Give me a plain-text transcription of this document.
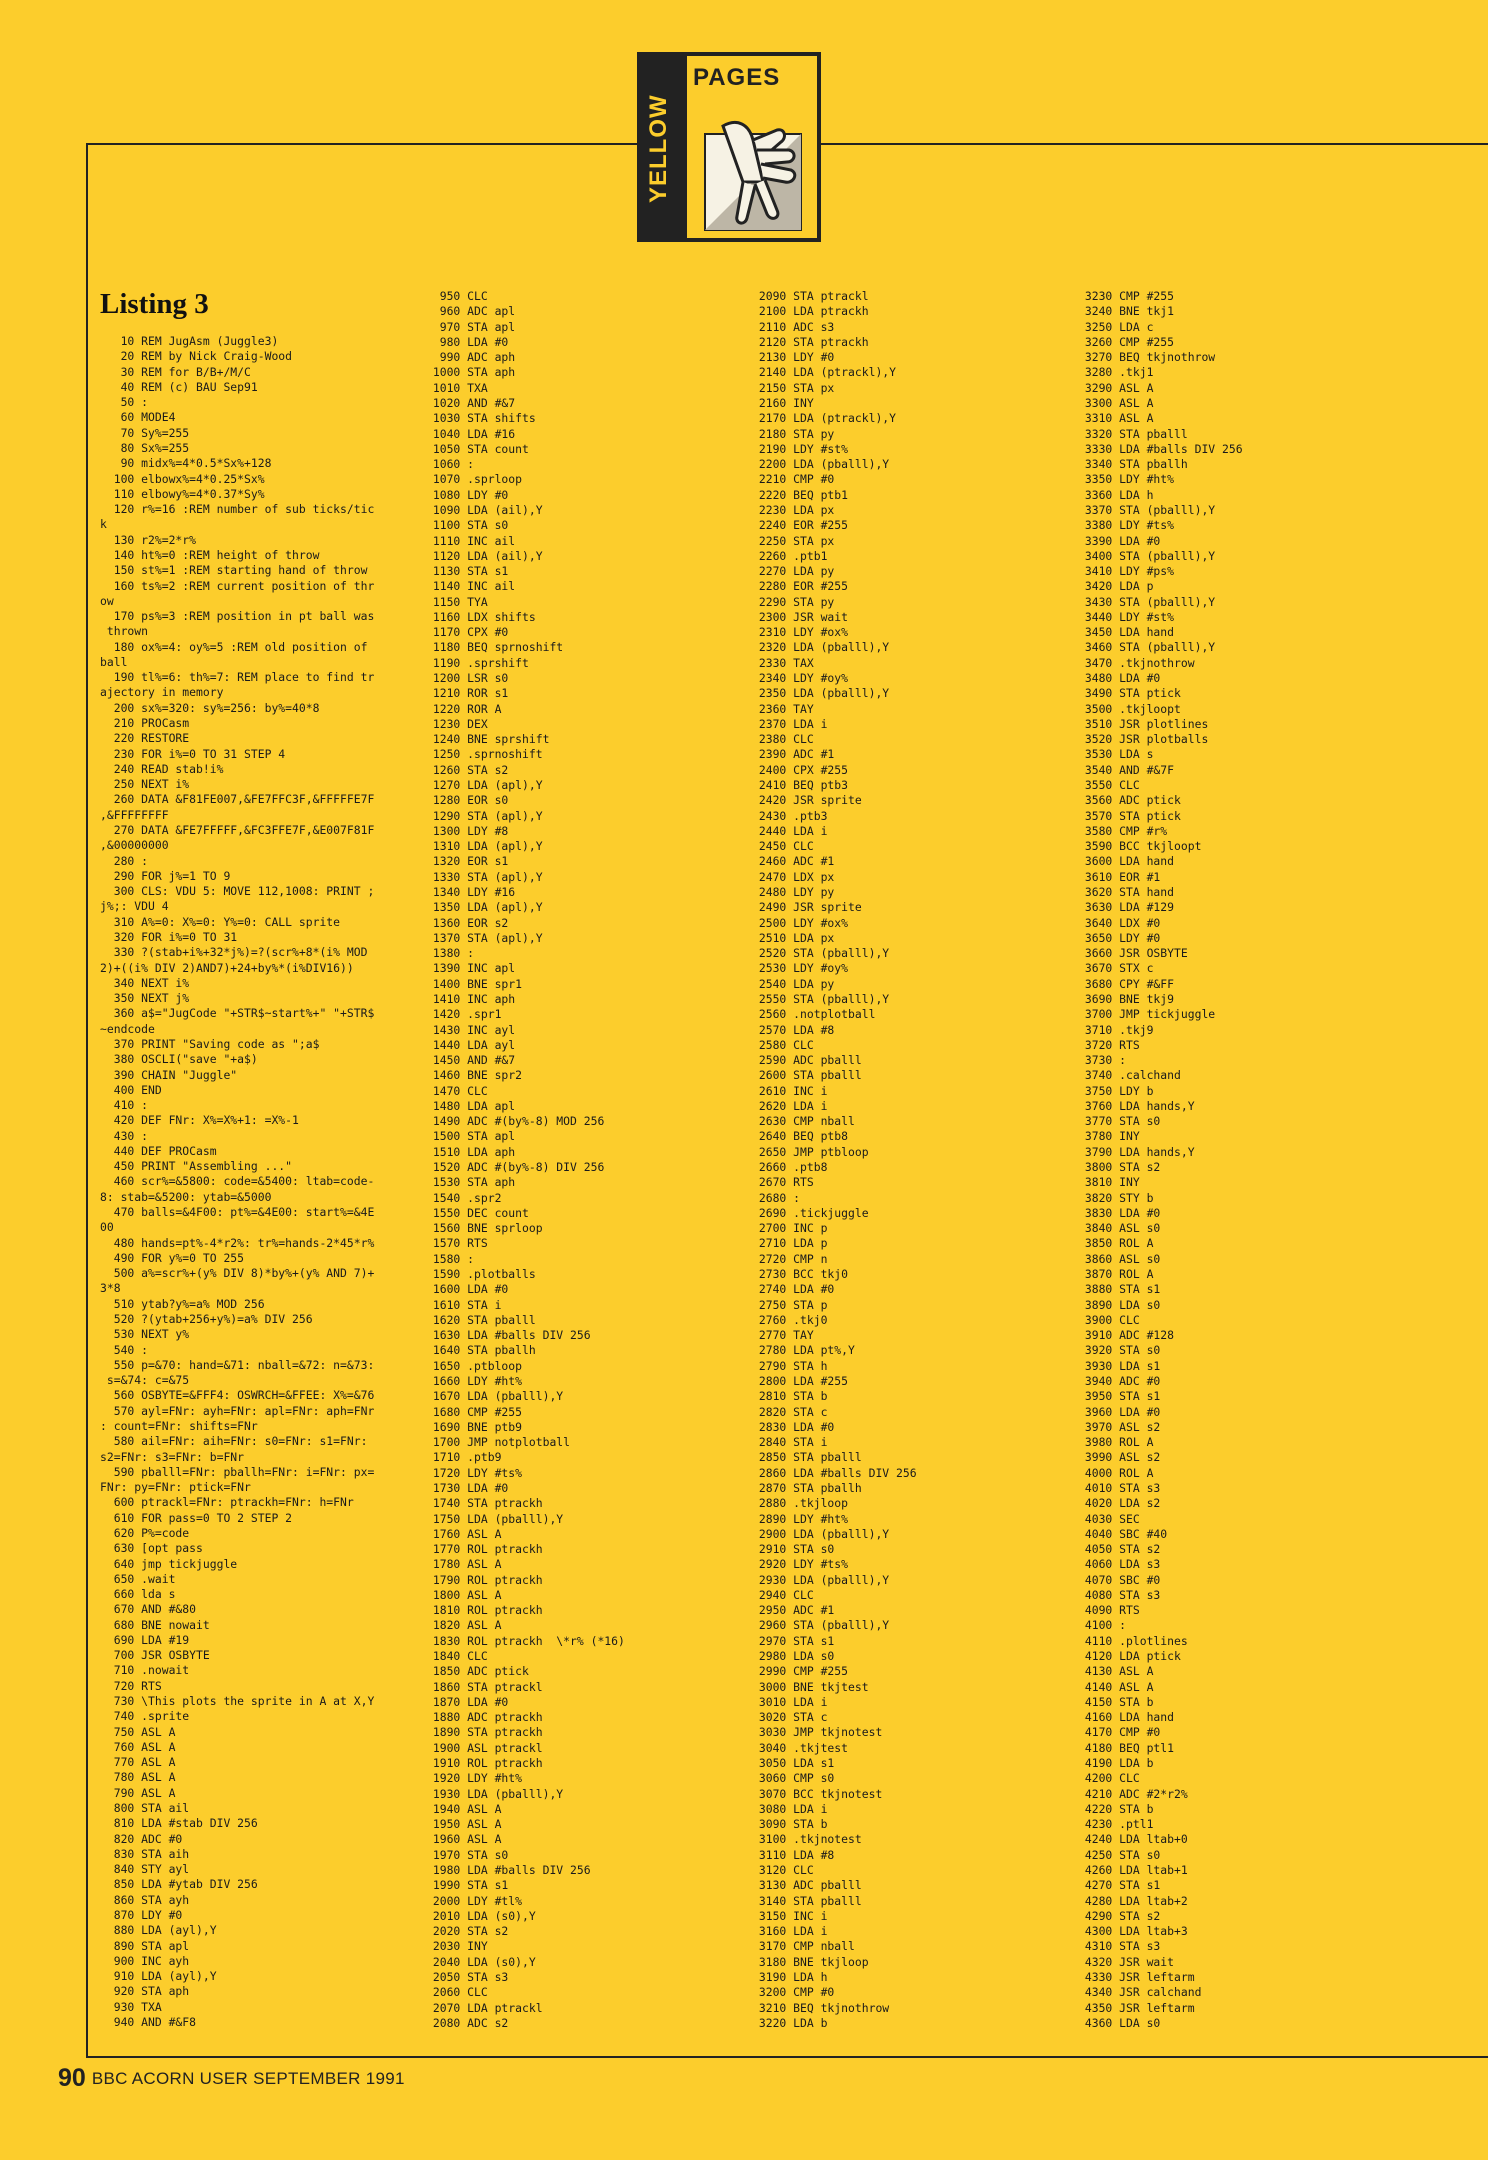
YELLOW
PAGES
Listing 3
10 REM JugAsm (Juggle3)
20 REM by Nick Craig-Wood
30 REM for B/B+/M/C
40 REM (c) BAU Sep91
50 :
60 MODE4
70 Sy%=255
80 Sx%=255
90 midx%=4*0.5*Sx%+128
100 elbowx%=4*0.25*Sx%
110 elbowy%=4*0.37*Sy%
120 r%=16 :REM number of sub ticks/tic
k
130 r2%=2*r%
140 ht%=0 :REM height of throw
150 st%=1 :REM starting hand of throw
160 ts%=2 :REM current position of thr
ow
170 ps%=3 :REM position in pt ball was
thrown
180 ox%=4: oy%=5 :REM old position of
ball
190 tl%=6: th%=7: REM place to find tr
ajectory in memory
200 sx%=320: sy%=256: by%=40*8
210 PROCasm
220 RESTORE
230 FOR i%=0 TO 31 STEP 4
240 READ stab!i%
250 NEXT i%
260 DATA &F81FE007,&FE7FFC3F,&FFFFFE7F
,&FFFFFFFF
270 DATA &FE7FFFFF,&FC3FFE7F,&E007F81F
,&00000000
280 :
290 FOR j%=1 TO 9
300 CLS: VDU 5: MOVE 112,1008: PRINT ;
j%;: VDU 4
310 A%=0: X%=0: Y%=0: CALL sprite
320 FOR i%=0 TO 31
330 ?(stab+i%+32*j%)=?(scr%+8*(i% MOD
2)+((i% DIV 2)AND7)+24+by%*(i%DIV16))
340 NEXT i%
350 NEXT j%
360 a$="JugCode "+STR$~start%+" "+STR$
~endcode
370 PRINT "Saving code as ";a$
380 OSCLI("save "+a$)
390 CHAIN "Juggle"
400 END
410 :
420 DEF FNr: X%=X%+1: =X%-1
430 :
440 DEF PROCasm
450 PRINT "Assembling ..."
460 scr%=&5800: code=&5400: ltab=code-
8: stab=&5200: ytab=&5000
470 balls=&4F00: pt%=&4E00: start%=&4E
00
480 hands=pt%-4*r2%: tr%=hands-2*45*r%
490 FOR y%=0 TO 255
500 a%=scr%+(y% DIV 8)*by%+(y% AND 7)+
3*8
510 ytab?y%=a% MOD 256
520 ?(ytab+256+y%)=a% DIV 256
530 NEXT y%
540 :
550 p=&70: hand=&71: nball=&72: n=&73:
s=&74: c=&75
560 OSBYTE=&FFF4: OSWRCH=&FFEE: X%=&76
570 ayl=FNr: ayh=FNr: apl=FNr: aph=FNr
: count=FNr: shifts=FNr
580 ail=FNr: aih=FNr: s0=FNr: s1=FNr:
s2=FNr: s3=FNr: b=FNr
590 pballl=FNr: pballh=FNr: i=FNr: px=
FNr: py=FNr: ptick=FNr
600 ptrackl=FNr: ptrackh=FNr: h=FNr
610 FOR pass=0 TO 2 STEP 2
620 P%=code
630 [opt pass
640 jmp tickjuggle
650 .wait
660 lda s
670 AND #&80
680 BNE nowait
690 LDA #19
700 JSR OSBYTE
710 .nowait
720 RTS
730 \This plots the sprite in A at X,Y
740 .sprite
750 ASL A
760 ASL A
770 ASL A
780 ASL A
790 ASL A
800 STA ail
810 LDA #stab DIV 256
820 ADC #0
830 STA aih
840 STY ayl
850 LDA #ytab DIV 256
860 STA ayh
870 LDY #0
880 LDA (ayl),Y
890 STA apl
900 INC ayh
910 LDA (ayl),Y
920 STA aph
930 TXA
940 AND #&F8
950 CLC
960 ADC apl
970 STA apl
980 LDA #0
990 ADC aph
1000 STA aph
1010 TXA
1020 AND #&7
1030 STA shifts
1040 LDA #16
1050 STA count
1060 :
1070 .sprloop
1080 LDY #0
1090 LDA (ail),Y
1100 STA s0
1110 INC ail
1120 LDA (ail),Y
1130 STA s1
1140 INC ail
1150 TYA
1160 LDX shifts
1170 CPX #0
1180 BEQ sprnoshift
1190 .sprshift
1200 LSR s0
1210 ROR s1
1220 ROR A
1230 DEX
1240 BNE sprshift
1250 .sprnoshift
1260 STA s2
1270 LDA (apl),Y
1280 EOR s0
1290 STA (apl),Y
1300 LDY #8
1310 LDA (apl),Y
1320 EOR s1
1330 STA (apl),Y
1340 LDY #16
1350 LDA (apl),Y
1360 EOR s2
1370 STA (apl),Y
1380 :
1390 INC apl
1400 BNE spr1
1410 INC aph
1420 .spr1
1430 INC ayl
1440 LDA ayl
1450 AND #&7
1460 BNE spr2
1470 CLC
1480 LDA apl
1490 ADC #(by%-8) MOD 256
1500 STA apl
1510 LDA aph
1520 ADC #(by%-8) DIV 256
1530 STA aph
1540 .spr2
1550 DEC count
1560 BNE sprloop
1570 RTS
1580 :
1590 .plotballs
1600 LDA #0
1610 STA i
1620 STA pballl
1630 LDA #balls DIV 256
1640 STA pballh
1650 .ptbloop
1660 LDY #ht%
1670 LDA (pballl),Y
1680 CMP #255
1690 BNE ptb9
1700 JMP notplotball
1710 .ptb9
1720 LDY #ts%
1730 LDA #0
1740 STA ptrackh
1750 LDA (pballl),Y
1760 ASL A
1770 ROL ptrackh
1780 ASL A
1790 ROL ptrackh
1800 ASL A
1810 ROL ptrackh
1820 ASL A
1830 ROL ptrackh  \*r% (*16)
1840 CLC
1850 ADC ptick
1860 STA ptrackl
1870 LDA #0
1880 ADC ptrackh
1890 STA ptrackh
1900 ASL ptrackl
1910 ROL ptrackh
1920 LDY #ht%
1930 LDA (pballl),Y
1940 ASL A
1950 ASL A
1960 ASL A
1970 STA s0
1980 LDA #balls DIV 256
1990 STA s1
2000 LDY #tl%
2010 LDA (s0),Y
2020 STA s2
2030 INY
2040 LDA (s0),Y
2050 STA s3
2060 CLC
2070 LDA ptrackl
2080 ADC s2
2090 STA ptrackl
2100 LDA ptrackh
2110 ADC s3
2120 STA ptrackh
2130 LDY #0
2140 LDA (ptrackl),Y
2150 STA px
2160 INY
2170 LDA (ptrackl),Y
2180 STA py
2190 LDY #st%
2200 LDA (pballl),Y
2210 CMP #0
2220 BEQ ptb1
2230 LDA px
2240 EOR #255
2250 STA px
2260 .ptb1
2270 LDA py
2280 EOR #255
2290 STA py
2300 JSR wait
2310 LDY #ox%
2320 LDA (pballl),Y
2330 TAX
2340 LDY #oy%
2350 LDA (pballl),Y
2360 TAY
2370 LDA i
2380 CLC
2390 ADC #1
2400 CPX #255
2410 BEQ ptb3
2420 JSR sprite
2430 .ptb3
2440 LDA i
2450 CLC
2460 ADC #1
2470 LDX px
2480 LDY py
2490 JSR sprite
2500 LDY #ox%
2510 LDA px
2520 STA (pballl),Y
2530 LDY #oy%
2540 LDA py
2550 STA (pballl),Y
2560 .notplotball
2570 LDA #8
2580 CLC
2590 ADC pballl
2600 STA pballl
2610 INC i
2620 LDA i
2630 CMP nball
2640 BEQ ptb8
2650 JMP ptbloop
2660 .ptb8
2670 RTS
2680 :
2690 .tickjuggle
2700 INC p
2710 LDA p
2720 CMP n
2730 BCC tkj0
2740 LDA #0
2750 STA p
2760 .tkj0
2770 TAY
2780 LDA pt%,Y
2790 STA h
2800 LDA #255
2810 STA b
2820 STA c
2830 LDA #0
2840 STA i
2850 STA pballl
2860 LDA #balls DIV 256
2870 STA pballh
2880 .tkjloop
2890 LDY #ht%
2900 LDA (pballl),Y
2910 STA s0
2920 LDY #ts%
2930 LDA (pballl),Y
2940 CLC
2950 ADC #1
2960 STA (pballl),Y
2970 STA s1
2980 LDA s0
2990 CMP #255
3000 BNE tkjtest
3010 LDA i
3020 STA c
3030 JMP tkjnotest
3040 .tkjtest
3050 LDA s1
3060 CMP s0
3070 BCC tkjnotest
3080 LDA i
3090 STA b
3100 .tkjnotest
3110 LDA #8
3120 CLC
3130 ADC pballl
3140 STA pballl
3150 INC i
3160 LDA i
3170 CMP nball
3180 BNE tkjloop
3190 LDA h
3200 CMP #0
3210 BEQ tkjnothrow
3220 LDA b
3230 CMP #255
3240 BNE tkj1
3250 LDA c
3260 CMP #255
3270 BEQ tkjnothrow
3280 .tkj1
3290 ASL A
3300 ASL A
3310 ASL A
3320 STA pballl
3330 LDA #balls DIV 256
3340 STA pballh
3350 LDY #ht%
3360 LDA h
3370 STA (pballl),Y
3380 LDY #ts%
3390 LDA #0
3400 STA (pballl),Y
3410 LDY #ps%
3420 LDA p
3430 STA (pballl),Y
3440 LDY #st%
3450 LDA hand
3460 STA (pballl),Y
3470 .tkjnothrow
3480 LDA #0
3490 STA ptick
3500 .tkjloopt
3510 JSR plotlines
3520 JSR plotballs
3530 LDA s
3540 AND #&7F
3550 CLC
3560 ADC ptick
3570 STA ptick
3580 CMP #r%
3590 BCC tkjloopt
3600 LDA hand
3610 EOR #1
3620 STA hand
3630 LDA #129
3640 LDX #0
3650 LDY #0
3660 JSR OSBYTE
3670 STX c
3680 CPY #&FF
3690 BNE tkj9
3700 JMP tickjuggle
3710 .tkj9
3720 RTS
3730 :
3740 .calchand
3750 LDY b
3760 LDA hands,Y
3770 STA s0
3780 INY
3790 LDA hands,Y
3800 STA s2
3810 INY
3820 STY b
3830 LDA #0
3840 ASL s0
3850 ROL A
3860 ASL s0
3870 ROL A
3880 STA s1
3890 LDA s0
3900 CLC
3910 ADC #128
3920 STA s0
3930 LDA s1
3940 ADC #0
3950 STA s1
3960 LDA #0
3970 ASL s2
3980 ROL A
3990 ASL s2
4000 ROL A
4010 STA s3
4020 LDA s2
4030 SEC
4040 SBC #40
4050 STA s2
4060 LDA s3
4070 SBC #0
4080 STA s3
4090 RTS
4100 :
4110 .plotlines
4120 LDA ptick
4130 ASL A
4140 ASL A
4150 STA b
4160 LDA hand
4170 CMP #0
4180 BEQ ptl1
4190 LDA b
4200 CLC
4210 ADC #2*r2%
4220 STA b
4230 .ptl1
4240 LDA ltab+0
4250 STA s0
4260 LDA ltab+1
4270 STA s1
4280 LDA ltab+2
4290 STA s2
4300 LDA ltab+3
4310 STA s3
4320 JSR wait
4330 JSR leftarm
4340 JSR calchand
4350 JSR leftarm
4360 LDA s0
90 BBC ACORN USER SEPTEMBER 1991
